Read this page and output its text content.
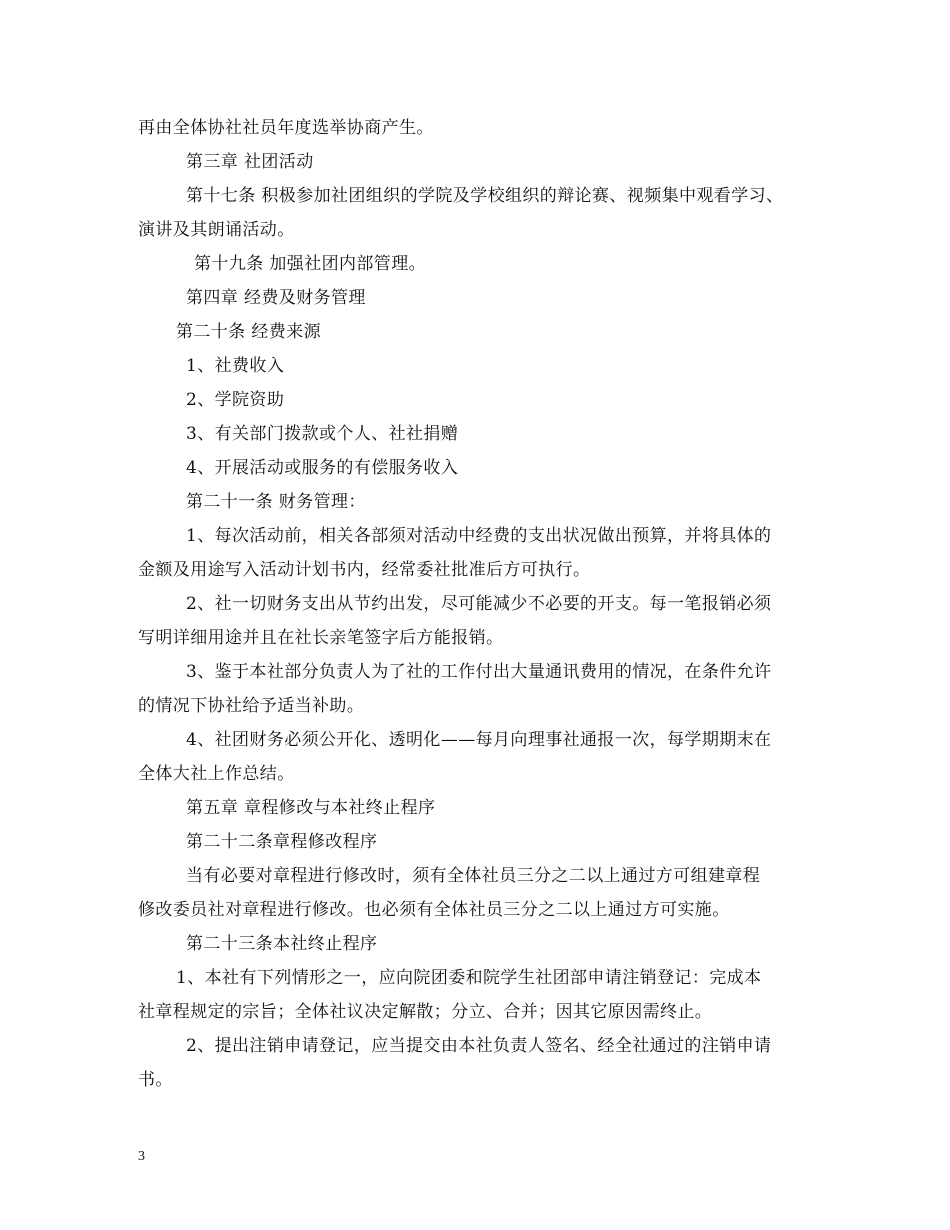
再由全体协社社员年度选举协商产生。
第三章 社团活动
第十七条 积极参加社团组织的学院及学校组织的辩论赛、视频集中观看学习、
演讲及其朗诵活动。
第十九条 加强社团内部管理。
第四章 经费及财务管理
第二十条 经费来源
1、社费收入
2、学院资助
3、有关部门拨款或个人、社社捐赠
4、开展活动或服务的有偿服务收入
第二十一条 财务管理：
1、每次活动前，相关各部须对活动中经费的支出状况做出预算，并将具体的
金额及用途写入活动计划书内，经常委社批准后方可执行。
2、社一切财务支出从节约出发，尽可能减少不必要的开支。每一笔报销必须
写明详细用途并且在社长亲笔签字后方能报销。
3、鉴于本社部分负责人为了社的工作付出大量通讯费用的情况，在条件允许
的情况下协社给予适当补助。
4、社团财务必须公开化、透明化——每月向理事社通报一次，每学期期末在
全体大社上作总结。
第五章 章程修改与本社终止程序
第二十二条章程修改程序
当有必要对章程进行修改时，须有全体社员三分之二以上通过方可组建章程
修改委员社对章程进行修改。也必须有全体社员三分之二以上通过方可实施。
第二十三条本社终止程序
1、本社有下列情形之一，应向院团委和院学生社团部申请注销登记：完成本
社章程规定的宗旨；全体社议决定解散；分立、合并；因其它原因需终止。
2、提出注销申请登记，应当提交由本社负责人签名、经全社通过的注销申请
书。
3
